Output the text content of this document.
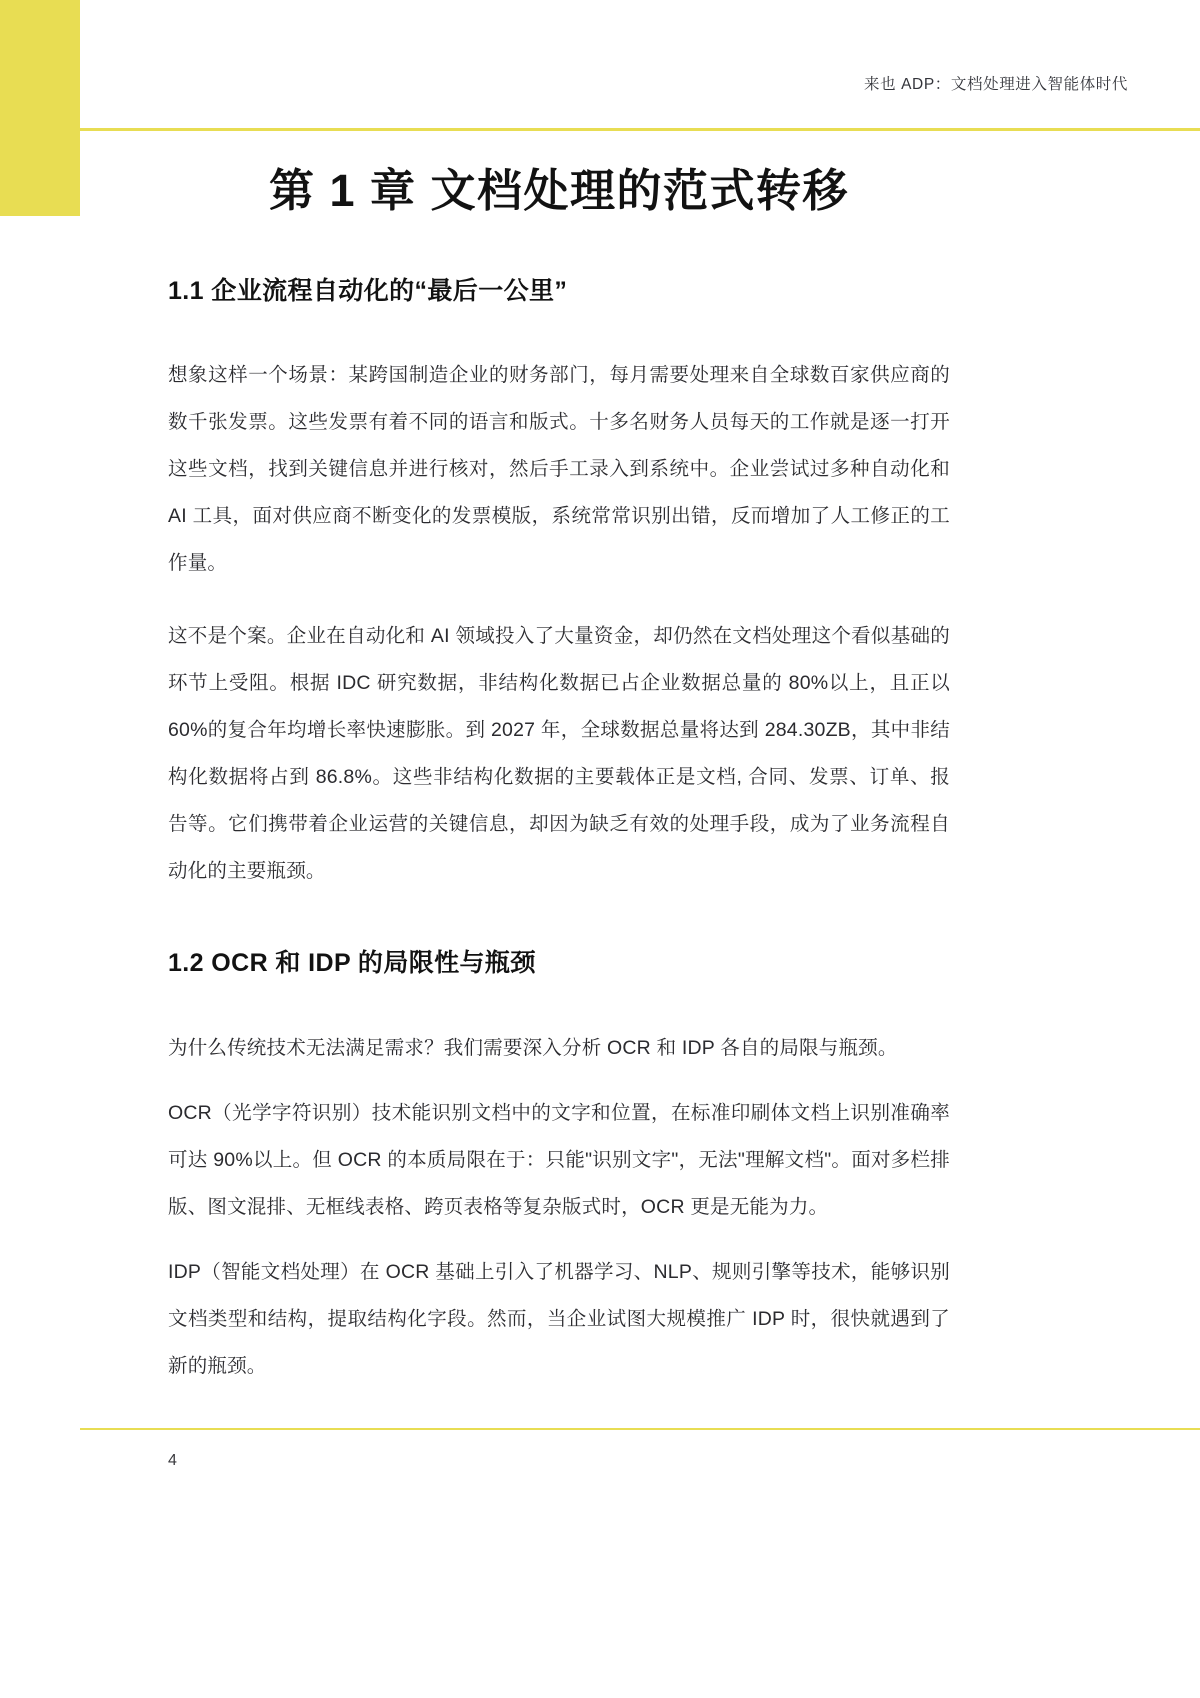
来也 ADP：文档处理进入智能体时代
第 1 章 文档处理的范式转移
1.1 企业流程自动化的“最后一公里”

想象这样一个场景：某跨国制造企业的财务部门，每月需要处理来自全球数百家供应商的数千张发票。这些发票有着不同的语言和版式。十多名财务人员每天的工作就是逐一打开这些文档，找到关键信息并进行核对，然后手工录入到系统中。企业尝试过多种自动化和 AI 工具，面对供应商不断变化的发票模版，系统常常识别出错，反而增加了人工修正的工作量。

这不是个案。企业在自动化和 AI 领域投入了大量资金，却仍然在文档处理这个看似基础的环节上受阻。根据 IDC 研究数据，非结构化数据已占企业数据总量的 80%以上，且正以 60%的复合年均增长率快速膨胀。到 2027 年，全球数据总量将达到 284.30ZB，其中非结构化数据将占到 86.8%。这些非结构化数据的主要载体正是文档, 合同、发票、订单、报告等。它们携带着企业运营的关键信息，却因为缺乏有效的处理手段，成为了业务流程自动化的主要瓶颈。

1.2 OCR 和 IDP 的局限性与瓶颈

为什么传统技术无法满足需求？我们需要深入分析 OCR 和 IDP 各自的局限与瓶颈。

OCR（光学字符识别）技术能识别文档中的文字和位置，在标准印刷体文档上识别准确率可达 90%以上。但 OCR 的本质局限在于：只能"识别文字"，无法"理解文档"。面对多栏排版、图文混排、无框线表格、跨页表格等复杂版式时，OCR 更是无能为力。

IDP（智能文档处理）在 OCR 基础上引入了机器学习、NLP、规则引擎等技术，能够识别文档类型和结构，提取结构化字段。然而，当企业试图大规模推广 IDP 时，很快就遇到了新的瓶颈。

4
